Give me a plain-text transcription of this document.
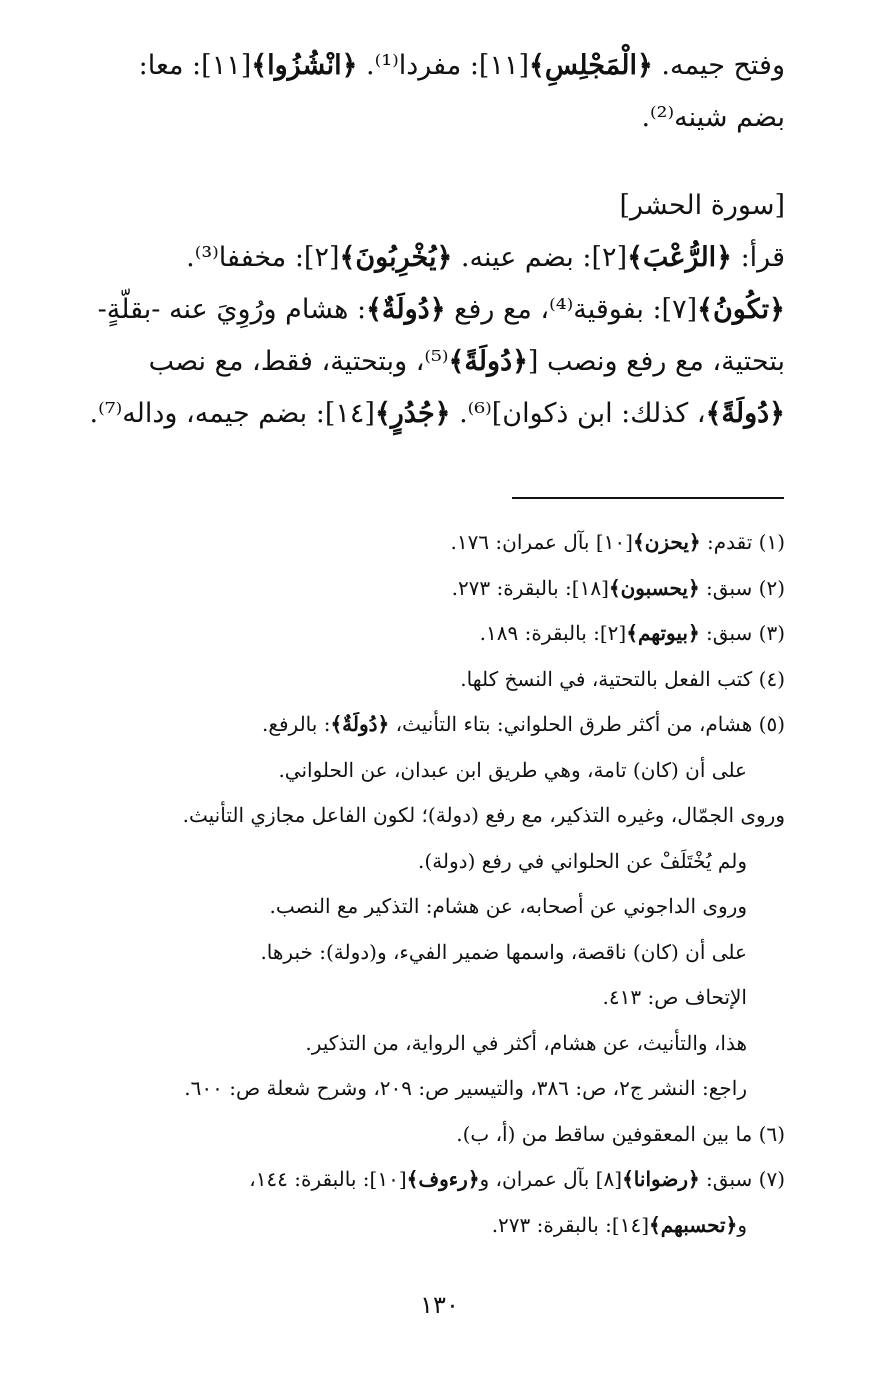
وفتح جيمه. ﴿الْمَجْلِسِ﴾[١١]: مفردا⁽¹⁾. ﴿انْشُزُوا﴾[١١]: معا:

بضم شينه⁽²⁾.

[سورة الحشر]

قرأ: ﴿الرُّعْبَ﴾[٢]: بضم عينه. ﴿يُخْرِبُونَ﴾[٢]: مخففا⁽³⁾.

﴿تكُونُ﴾[٧]: بفوقية⁽⁴⁾، مع رفع ﴿دُولَةٌ﴾: هشام ورُوِيَ عنه -بقلّةٍ-

بتحتية، مع رفع ونصب [﴿دُولَةً﴾⁽⁵⁾، وبتحتية، فقط، مع نصب

﴿دُولَةً﴾، كذلك: ابن ذكوان]⁽⁶⁾. ﴿جُدُرٍ﴾[١٤]: بضم جيمه، وداله⁽⁷⁾.

(١) تقدم: ﴿يحزن﴾[١٠] بآل عمران: ١٧٦.

(٢) سبق: ﴿يحسبون﴾[١٨]: بالبقرة: ٢٧٣.

(٣) سبق: ﴿بيوتهم﴾[٢]: بالبقرة: ١٨٩.

(٤) كتب الفعل بالتحتية، في النسخ كلها.

(٥) هشام، من أكثر طرق الحلواني: بتاء التأنيث، ﴿دُولَةٌ﴾: بالرفع.

على أن (كان) تامة، وهي طريق ابن عبدان، عن الحلواني.

وروى الجمّال، وغيره التذكير، مع رفع (دولة)؛ لكون الفاعل مجازي التأنيث.

ولم يُخْتَلَفْ عن الحلواني في رفع (دولة).

وروى الداجوني عن أصحابه، عن هشام: التذكير مع النصب.

على أن (كان) ناقصة، واسمها ضمير الفيء، و(دولة): خبرها.

الإتحاف ص: ٤١٣.

هذا، والتأنيث، عن هشام، أكثر في الرواية، من التذكير.

راجع: النشر ج٢، ص: ٣٨٦، والتيسير ص: ٢٠٩، وشرح شعلة ص: ٦٠٠.

(٦) ما بين المعقوفين ساقط من (أ، ب).

(٧) سبق: ﴿رضوانا﴾[٨] بآل عمران، و﴿رءوف﴾[١٠]: بالبقرة: ١٤٤،

و﴿تحسبهم﴾[١٤]: بالبقرة: ٢٧٣.

١٣٠
